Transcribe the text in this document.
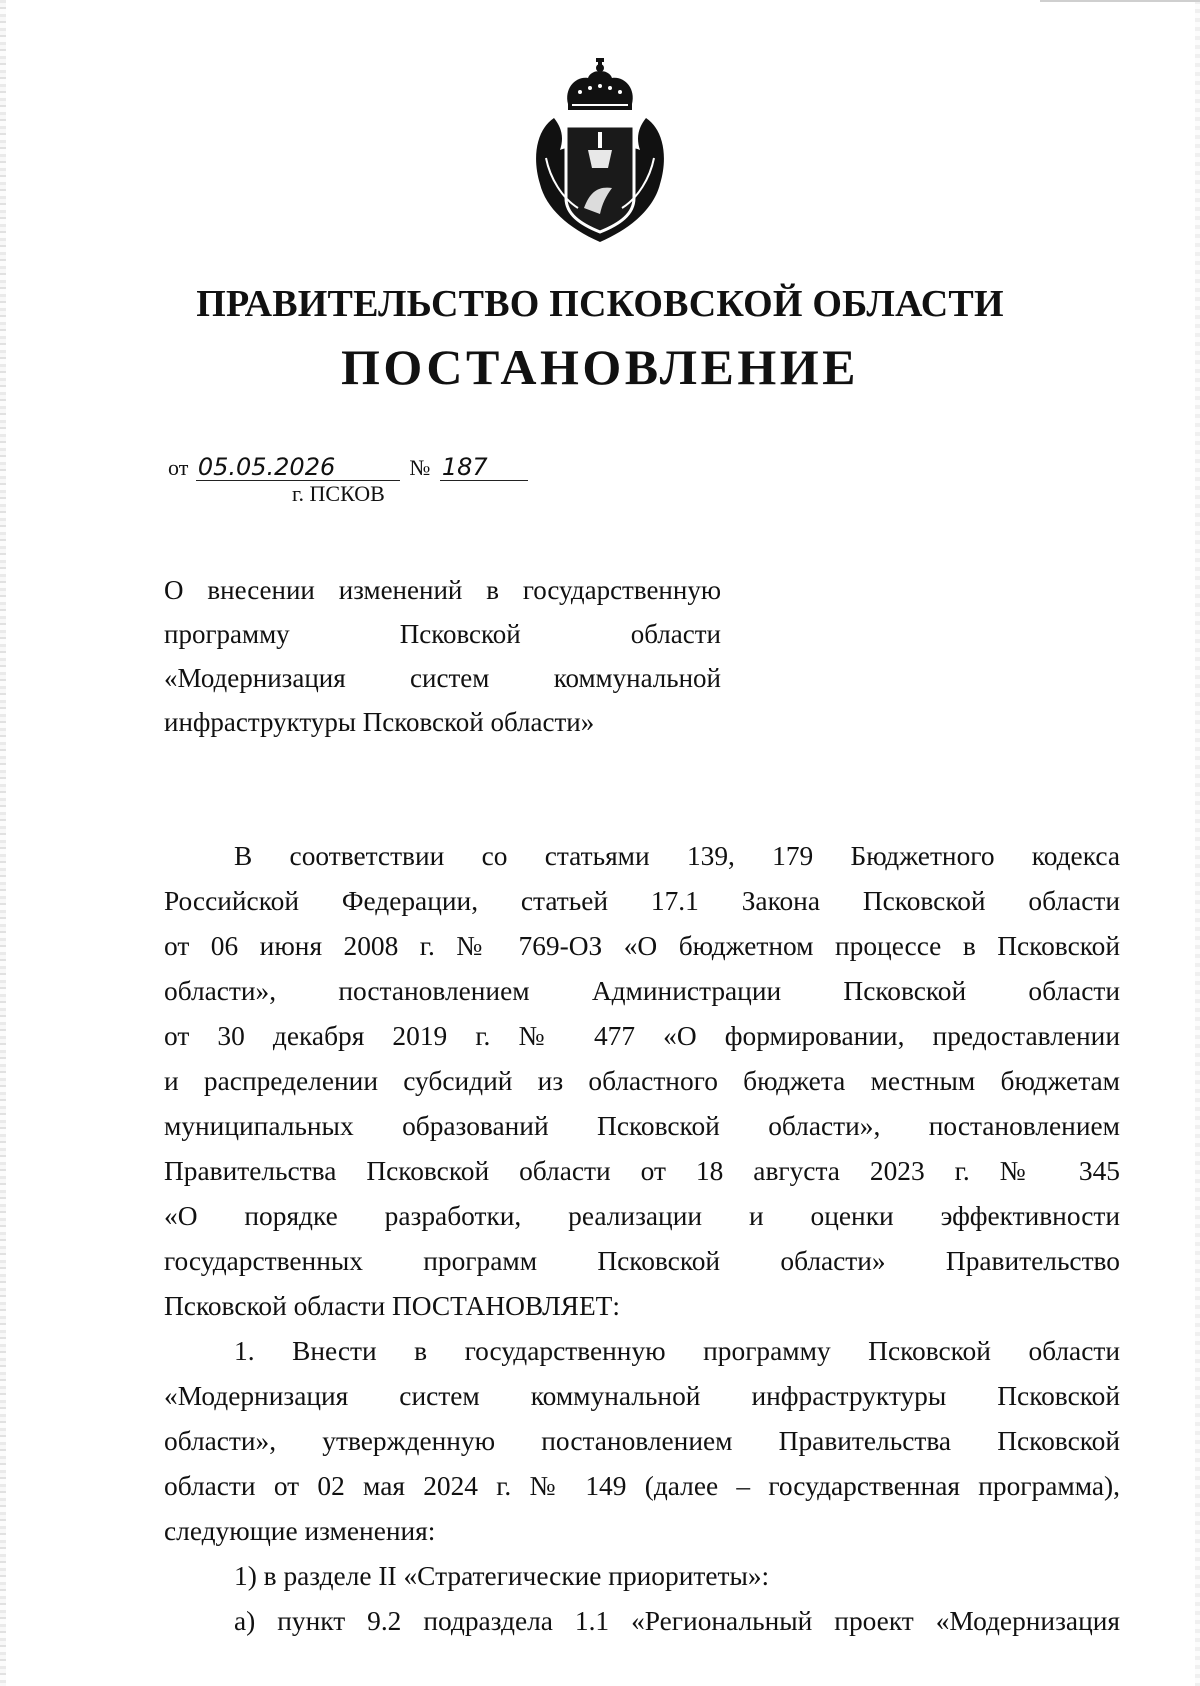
ПРАВИТЕЛЬСТВО ПСКОВСКОЙ ОБЛАСТИ
ПОСТАНОВЛЕНИЕ
от 05.05.2026	№ 187
г. ПСКОВ
О внесении изменений в государственную
программу Псковской области
«Модернизация систем коммунальной
инфраструктуры Псковской области»
В соответствии со статьями 139, 179 Бюджетного кодекса
Российской Федерации, статьей 17.1 Закона Псковской области
от 06 июня 2008 г. № 769-ОЗ «О бюджетном процессе в Псковской
области», постановлением Администрации Псковской области
от 30 декабря 2019 г. № 477 «О формировании, предоставлении
и распределении субсидий из областного бюджета местным бюджетам
муниципальных образований Псковской области», постановлением
Правительства Псковской области от 18 августа 2023 г. № 345
«О порядке разработки, реализации и оценки эффективности
государственных программ Псковской области» Правительство
Псковской области ПОСТАНОВЛЯЕТ:
1. Внести в государственную программу Псковской области
«Модернизация систем коммунальной инфраструктуры Псковской
области», утвержденную постановлением Правительства Псковской
области от 02 мая 2024 г. № 149 (далее – государственная программа),
следующие изменения:
1) в разделе II «Стратегические приоритеты»:
а) пункт 9.2 подраздела 1.1 «Региональный проект «Модернизация
